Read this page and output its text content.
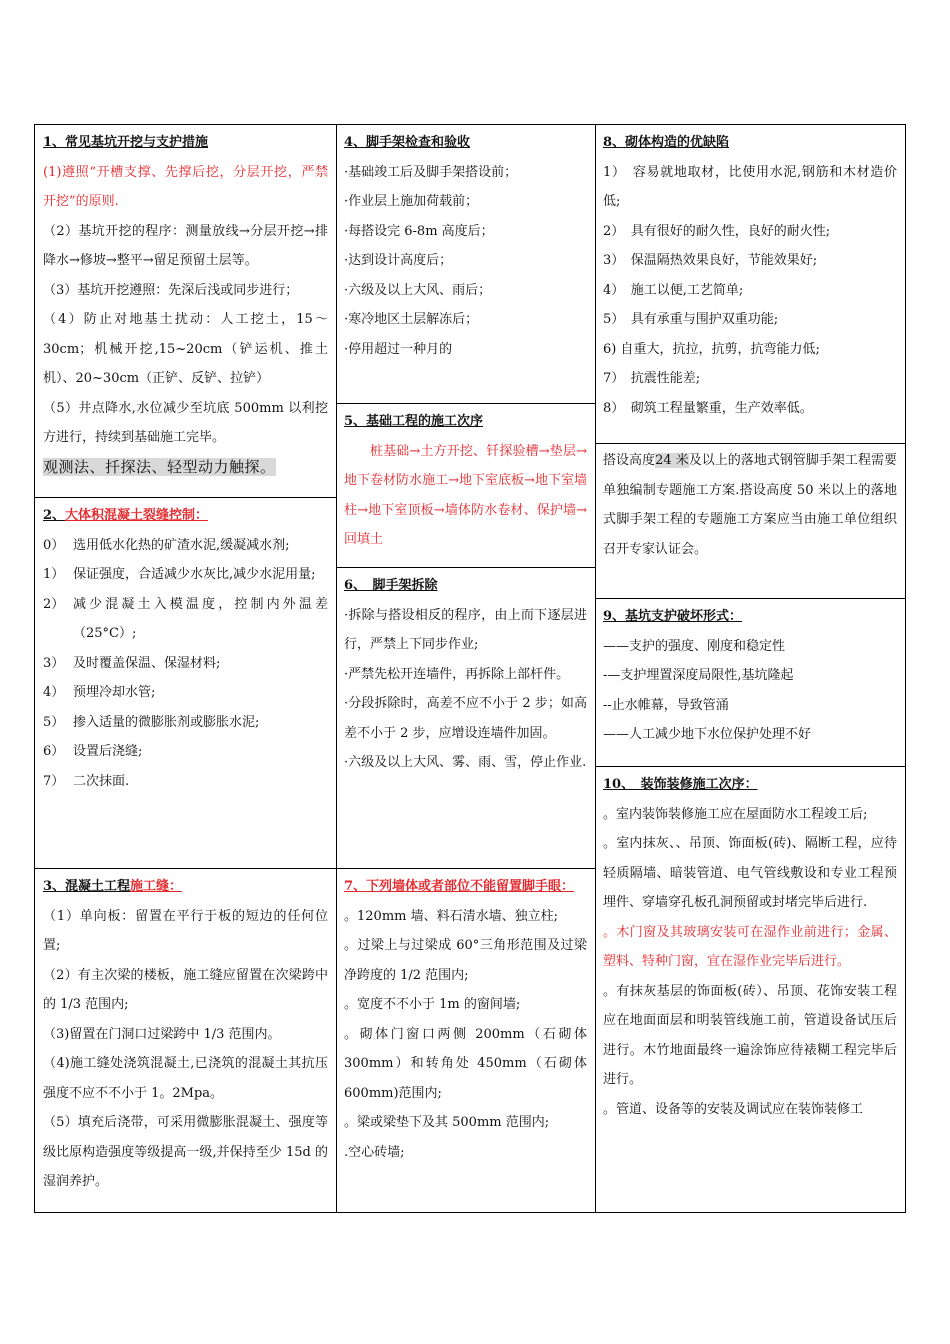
1、常见基坑开挖与支护措施

(1)遵照“开槽支撑、先撑后挖，分层开挖，严禁开挖”的原则.

（2）基坑开挖的程序：测量放线→分层开挖→排降水→修坡→整平→留足预留土层等。

（3）基坑开挖遵照：先深后浅或同步进行；

（4）防止对地基土扰动：人工挖土，15～30cm；机械开挖,15~20cm（铲运机、推土机）、20~30cm（正铲、反铲、拉铲）

（5）井点降水,水位减少至坑底 500mm 以利挖方进行，持续到基础施工完毕。

观测法、扦探法、轻型动力触探。

2、大体积混凝土裂缝控制：

0） 选用低水化热的矿渣水泥,缓凝减水剂;
1） 保证强度，合适减少水灰比,减少水泥用量;
2） 减少混凝土入模温度，控制内外温差（25°C）;
3） 及时覆盖保温、保湿材料;
4） 预埋冷却水管;
5） 掺入适量的微膨胀剂或膨胀水泥;
6） 设置后浇缝;
7） 二次抹面.

3、混凝土工程施工缝：

（1）单向板：留置在平行于板的短边的任何位置;

（2）有主次梁的楼板，施工缝应留置在次梁跨中的 1/3 范围内;

（3)留置在门洞口过梁跨中 1/3 范围内。

（4)施工缝处浇筑混凝土,已浇筑的混凝土其抗压强度不应不不小于 1。2Mpa。

（5）填充后浇带，可采用微膨胀混凝土、强度等级比原构造强度等级提高一级,并保持至少 15d 的湿润养护。

4、脚手架检查和验收

·基础竣工后及脚手架搭设前；

·作业层上施加荷载前；

·每搭设完 6-8m 高度后；

·达到设计高度后；

·六级及以上大风、雨后；

·寒冷地区土层解冻后；

·停用超过一种月的

5、基础工程的施工次序

桩基础→土方开挖、钎探验槽→垫层→地下卷材防水施工→地下室底板→地下室墙柱→地下室顶板→墙体防水卷材、保护墙→回填土

6、　脚手架拆除

·拆除与搭设相反的程序，由上而下逐层进行，严禁上下同步作业;

·严禁先松开连墙件，再拆除上部杆件。

·分段拆除时，高差不应不小于 2 步；如高差不小于 2 步，应增设连墙件加固。

·六级及以上大风、雾、雨、雪，停止作业.

7、下列墙体或者部位不能留置脚手眼：

。120mm 墙、料石清水墙、独立柱;

。过梁上与过梁成 60°三角形范围及过梁净跨度的 1/2 范围内;

。宽度不不小于 1m 的窗间墙;

。砌体门窗口两侧 200mm（石砌体 300mm）和转角处 450mm（石砌体 600mm)范围内;

。梁或梁垫下及其 500mm 范围内;

.空心砖墙;

8、砌体构造的优缺陷

1）　容易就地取材，比使用水泥,钢筋和木材造价低;

2）　具有很好的耐久性，良好的耐火性;

3）　保温隔热效果良好，节能效果好;

4）　施工以便,工艺简单;

5）　具有承重与围护双重功能;

6) 自重大，抗拉，抗剪，抗弯能力低;

7）　抗震性能差;

8）　砌筑工程量繁重，生产效率低。

搭设高度24 米及以上的落地式钢管脚手架工程需要单独编制专题施工方案.搭设高度 50 米以上的落地式脚手架工程的专题施工方案应当由施工单位组织召开专家认证会。

9、基坑支护破坏形式：

——支护的强度、刚度和稳定性

-—支护埋置深度局限性,基坑隆起

--止水帷幕，导致管涌

——人工减少地下水位保护处理不好

10、　装饰装修施工次序：

。室内装饰装修施工应在屋面防水工程竣工后;

。室内抹灰、、吊顶、饰面板(砖)、隔断工程，应待轻质隔墙、暗装管道、电气管线敷设和专业工程预埋件、穿墙穿孔板孔洞预留或封堵完毕后进行.

。木门窗及其玻璃安装可在湿作业前进行；金属、塑料、特种门窗，宜在湿作业完毕后进行。

。有抹灰基层的饰面板(砖）、吊顶、花饰安装工程应在地面面层和明装管线施工前，管道设备试压后进行。木竹地面最终一遍涂饰应待裱糊工程完毕后进行。

。管道、设备等的安装及调试应在装饰装修工
